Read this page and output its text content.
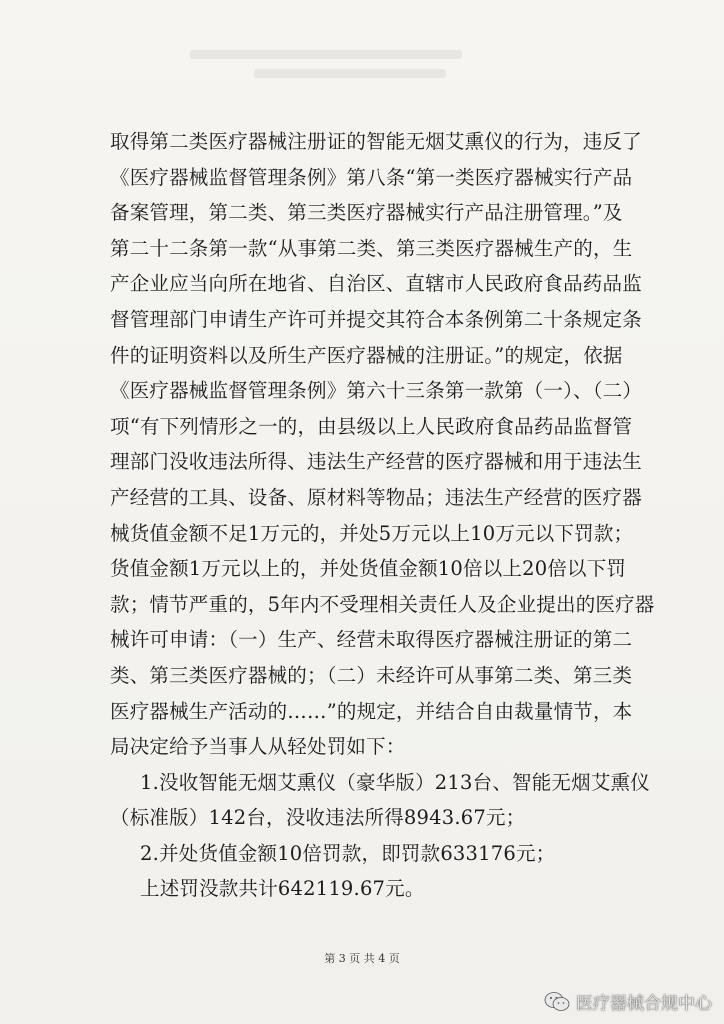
取得第二类医疗器械注册证的智能无烟艾熏仪的行为，违反了
《医疗器械监督管理条例》第八条“第一类医疗器械实行产品
备案管理，第二类、第三类医疗器械实行产品注册管理。”及
第二十二条第一款“从事第二类、第三类医疗器械生产的，生
产企业应当向所在地省、自治区、直辖市人民政府食品药品监
督管理部门申请生产许可并提交其符合本条例第二十条规定条
件的证明资料以及所生产医疗器械的注册证。”的规定，依据
《医疗器械监督管理条例》第六十三条第一款第（一）、（二）
项“有下列情形之一的，由县级以上人民政府食品药品监督管
理部门没收违法所得、违法生产经营的医疗器械和用于违法生
产经营的工具、设备、原材料等物品；违法生产经营的医疗器
械货值金额不足1万元的，并处5万元以上10万元以下罚款；
货值金额1万元以上的，并处货值金额10倍以上20倍以下罚
款；情节严重的，5年内不受理相关责任人及企业提出的医疗器
械许可申请：（一）生产、经营未取得医疗器械注册证的第二
类、第三类医疗器械的；（二）未经许可从事第二类、第三类
医疗器械生产活动的……”的规定，并结合自由裁量情节，本
局决定给予当事人从轻处罚如下：
1.没收智能无烟艾熏仪（豪华版）213台、智能无烟艾熏仪
（标准版）142台，没收违法所得8943.67元；
2.并处货值金额10倍罚款，即罚款633176元；
上述罚没款共计642119.67元。
第 3 页 共 4 页
医疗器械合规中心
